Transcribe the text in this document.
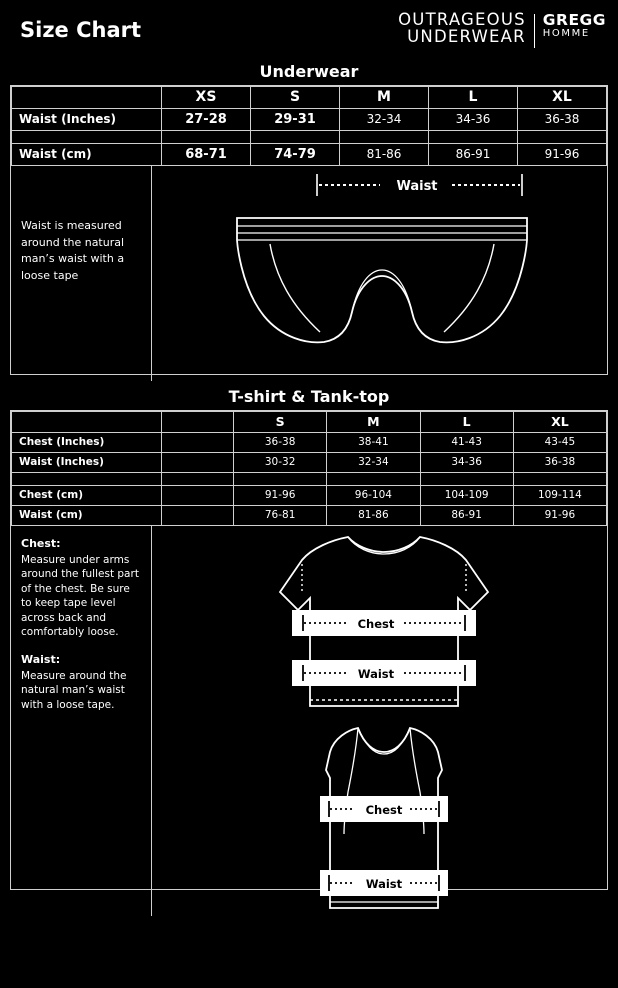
Size Chart	OUTRAGEOUS
UNDERWEAR
GREGG
HOMME
Underwear
	XS	S	M	L	XL
Waist (Inches)	27-28	29-31	32-34	34-36	36-38

Waist (cm)	68-71	74-79	81-86	86-91	91-96

Waist is measured around the natural man’s waist with a loose tape

Waist
T-shirt & Tank-top
		S	M	L	XL
Chest (Inches)		36-38	38-41	41-43	43-45
Waist (Inches)		30-32	32-34	34-36	36-38

Chest (cm)		91-96	96-104	104-109	109-114
Waist (cm)		76-81	81-86	86-91	91-96
Chest:

Measure under arms around the fullest part of the chest. Be sure to keep tape level across back and comfortably loose.

Waist:

Measure around the natural man’s waist with a loose tape.

Chest
Waist
Chest
Waist
